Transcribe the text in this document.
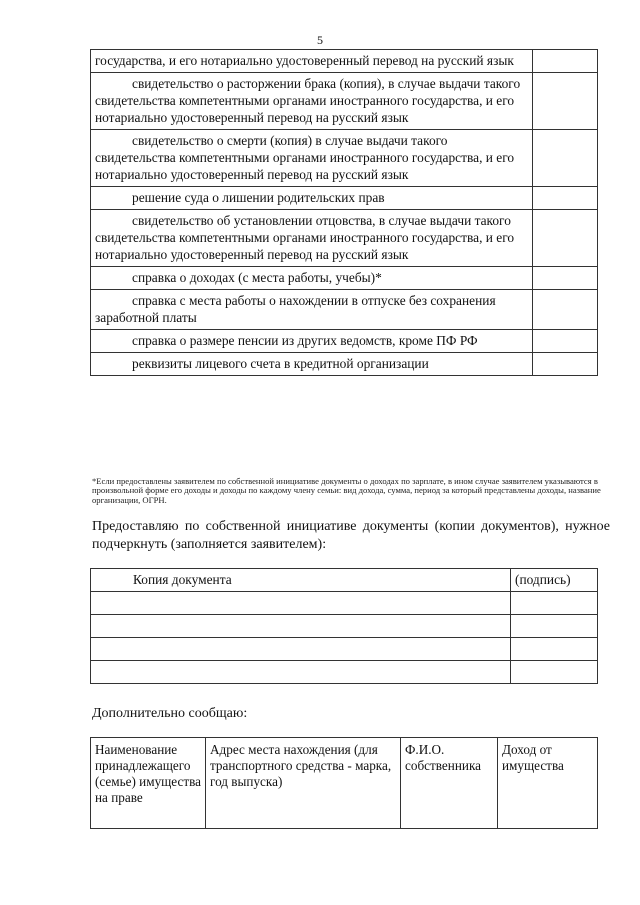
5
государства, и его нотариально удостоверенный перевод на русский язык	
свидетельство о расторжении брака (копия), в случае выдачи такого свидетельства компетентными органами иностранного государства, и его нотариально удостоверенный перевод на русский язык	
свидетельство о смерти (копия) в случае выдачи такого свидетельства компетентными органами иностранного государства, и его нотариально удостоверенный перевод на русский язык	
решение суда о лишении родительских прав	
свидетельство об установлении отцовства, в случае выдачи такого свидетельства компетентными органами иностранного государства, и его нотариально удостоверенный перевод на русский язык	
справка о доходах (с места работы, учебы)*	
справка с места работы о нахождении в отпуске без сохранения заработной платы	
справка о размере пенсии из других ведомств, кроме ПФ РФ	
реквизиты лицевого счета в кредитной организации	
*Если предоставлены заявителем по собственной инициативе документы о доходах по зарплате, в ином случае заявителем указываются в произвольной форме его доходы и доходы по каждому члену семьи: вид дохода, сумма, период за который представлены доходы, название организации, ОГРН.
Предоставляю по собственной инициативе документы (копии документов), нужное подчеркнуть (заполняется заявителем):
Копия документа	(подпись)

Дополнительно сообщаю:
Наименование принадлежащего (семье) имущества на праве	Адрес места нахождения (для транспортного средства - марка, год выпуска)	Ф.И.О. собственника	Доход от имущества
